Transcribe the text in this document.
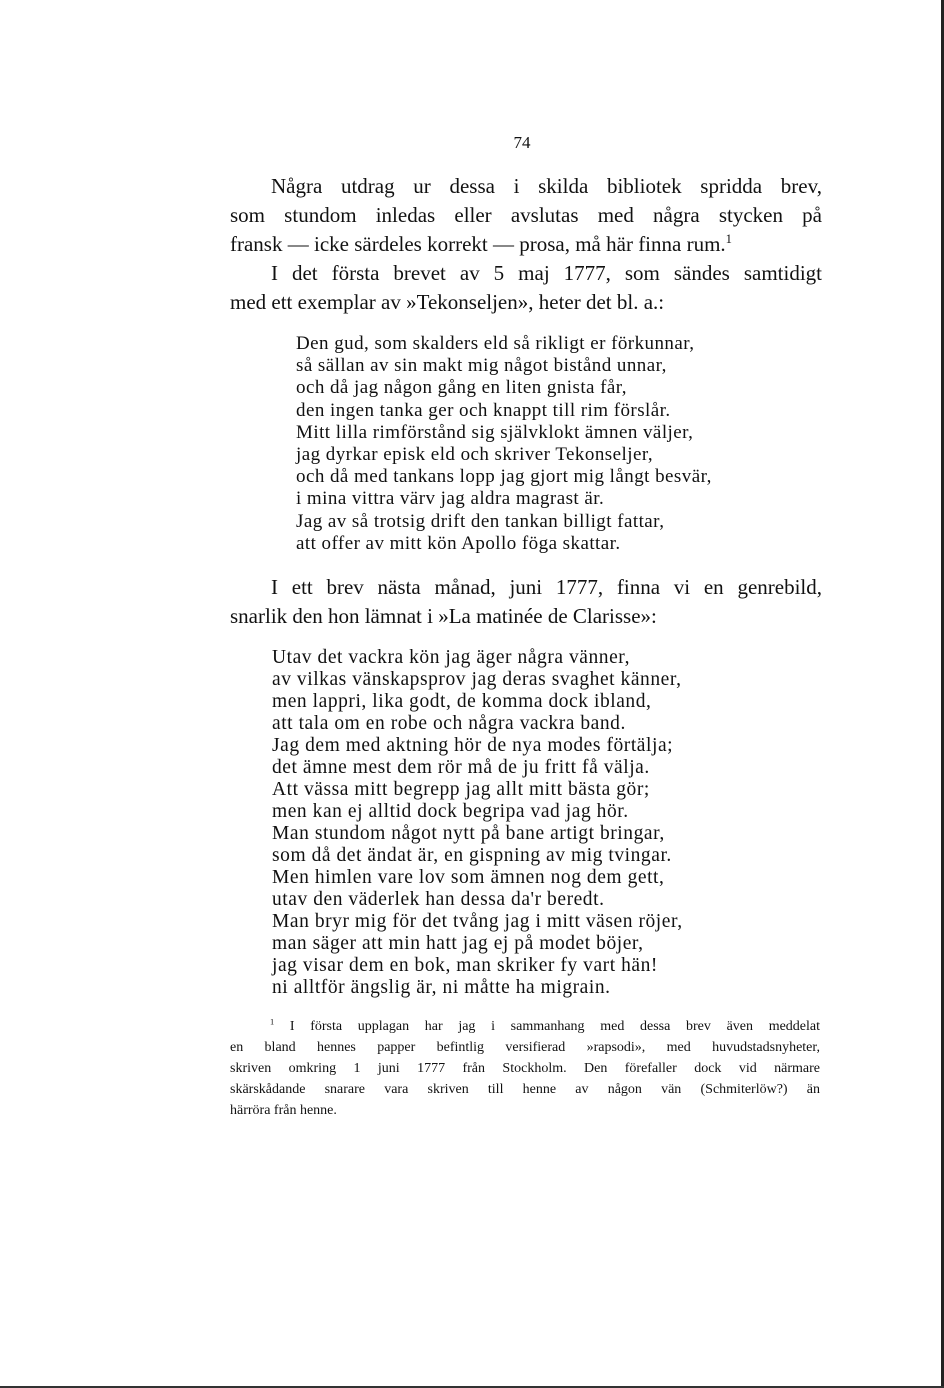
74
Några utdrag ur dessa i skilda bibliotek spridda brev,
som stundom inledas eller avslutas med några stycken på
fransk — icke särdeles korrekt — prosa, må här finna rum.$^1$
I det första brevet av 5 maj 1777, som sändes samtidigt
med ett exemplar av »Tekonseljen», heter det bl. a.:
Den gud, som skalders eld så rikligt er förkunnar,
så sällan av sin makt mig något bistånd unnar,
och då jag någon gång en liten gnista får,
den ingen tanka ger och knappt till rim förslår.
Mitt lilla rimförstånd sig självklokt ämnen väljer,
jag dyrkar episk eld och skriver Tekonseljer,
och då med tankans lopp jag gjort mig långt besvär,
i mina vittra värv jag aldra magrast är.
Jag av så trotsig drift den tankan billigt fattar,
att offer av mitt kön Apollo föga skattar.
I ett brev nästa månad, juni 1777, finna vi en genrebild,
snarlik den hon lämnat i »La matinée de Clarisse»:
Utav det vackra kön jag äger några vänner,
av vilkas vänskapsprov jag deras svaghet känner,
men lappri, lika godt, de komma dock ibland,
att tala om en robe och några vackra band.
Jag dem med aktning hör de nya modes förtälja;
det ämne mest dem rör må de ju fritt få välja.
Att vässa mitt begrepp jag allt mitt bästa gör;
men kan ej alltid dock begripa vad jag hör.
Man stundom något nytt på bane artigt bringar,
som då det ändat är, en gispning av mig tvingar.
Men himlen vare lov som ämnen nog dem gett,
utav den väderlek han dessa da'r beredt.
Man bryr mig för det tvång jag i mitt väsen röjer,
man säger att min hatt jag ej på modet böjer,
jag visar dem en bok, man skriker fy vart hän!
ni alltför ängslig är, ni måtte ha migrain.
$^1$ I första upplagan har jag i sammanhang med dessa brev även meddelat
en bland hennes papper befintlig versifierad »rapsodi», med huvudstadsnyheter,
skriven omkring 1 juni 1777 från Stockholm. Den förefaller dock vid närmare
skärskådande snarare vara skriven till henne av någon vän (Schmiterlöw?) än
härröra från henne.
